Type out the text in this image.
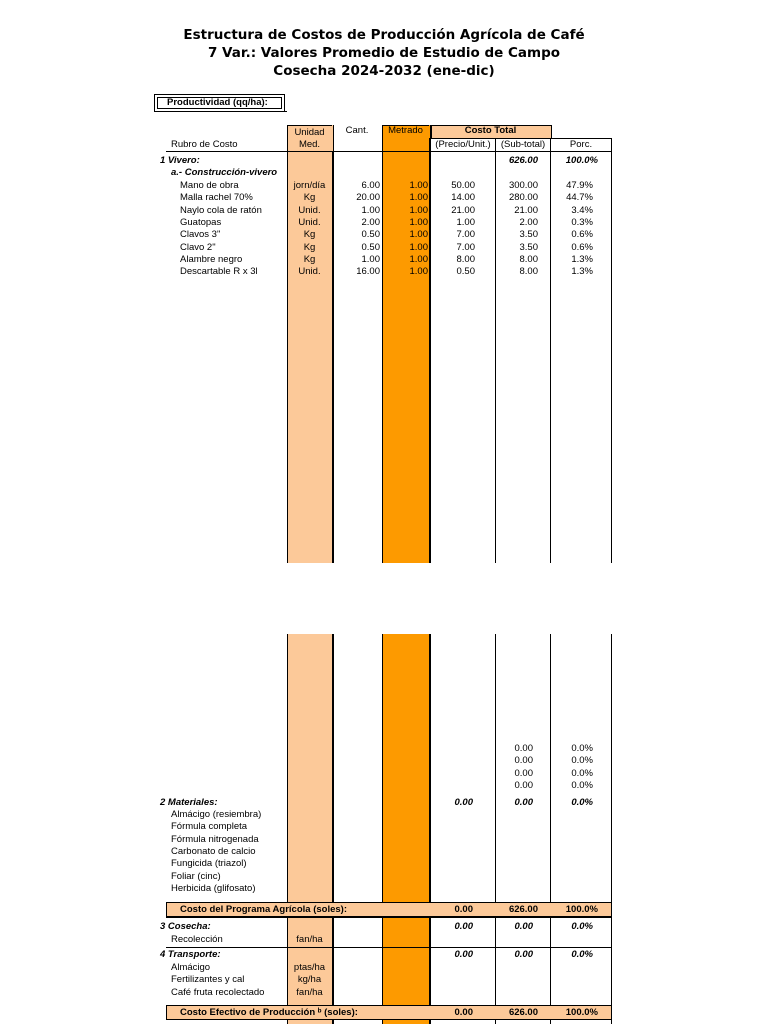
Estructura de Costos de Producción Agrícola de Café
7 Var.: Valores Promedio de Estudio de Campo
Cosecha 2024-2032 (ene-dic)
Productividad (qq/ha):
Unidad
Med.
Cant.	Metrado	Costo Total
(Precio/Unit.)	(Sub-total)	Porc.
Rubro de Costo
1 Vivero:	626.00	100.0%
a.- Construcción-vivero
Mano de obra	jorn/día	6.00	1.00	50.00	300.00	47.9%
Malla rachel 70%	Kg	20.00	1.00	14.00	280.00	44.7%
Naylo cola de ratón	Unid.	1.00	1.00	21.00	21.00	3.4%
Guatopas	Unid.	2.00	1.00	1.00	2.00	0.3%
Clavos 3"	Kg	0.50	1.00	7.00	3.50	0.6%
Clavo 2"	Kg	0.50	1.00	7.00	3.50	0.6%
Alambre negro	Kg	1.00	1.00	8.00	8.00	1.3%
Descartable R x 3l	Unid.	16.00	1.00	0.50	8.00	1.3%
0.00	0.0%
0.00	0.0%
0.00	0.0%
0.00	0.0%
2 Materiales:	0.00	0.00	0.0%
Almácigo (resiembra)
Fórmula completa
Fórmula nitrogenada
Carbonato de calcio
Fungicida (triazol)
Foliar (cinc)
Herbicida (glifosato)
Costo del Programa Agrícola (soles):	0.00	626.00	100.0%
3 Cosecha:	0.00	0.00	0.0%
Recolección	fan/ha
4 Transporte:	0.00	0.00	0.0%
Almácigo	ptas/ha
Fertilizantes y cal	kg/ha
Café fruta recolectado	fan/ha
Costo Efectivo de Producción ᵇ (soles):	0.00	626.00	100.0%
